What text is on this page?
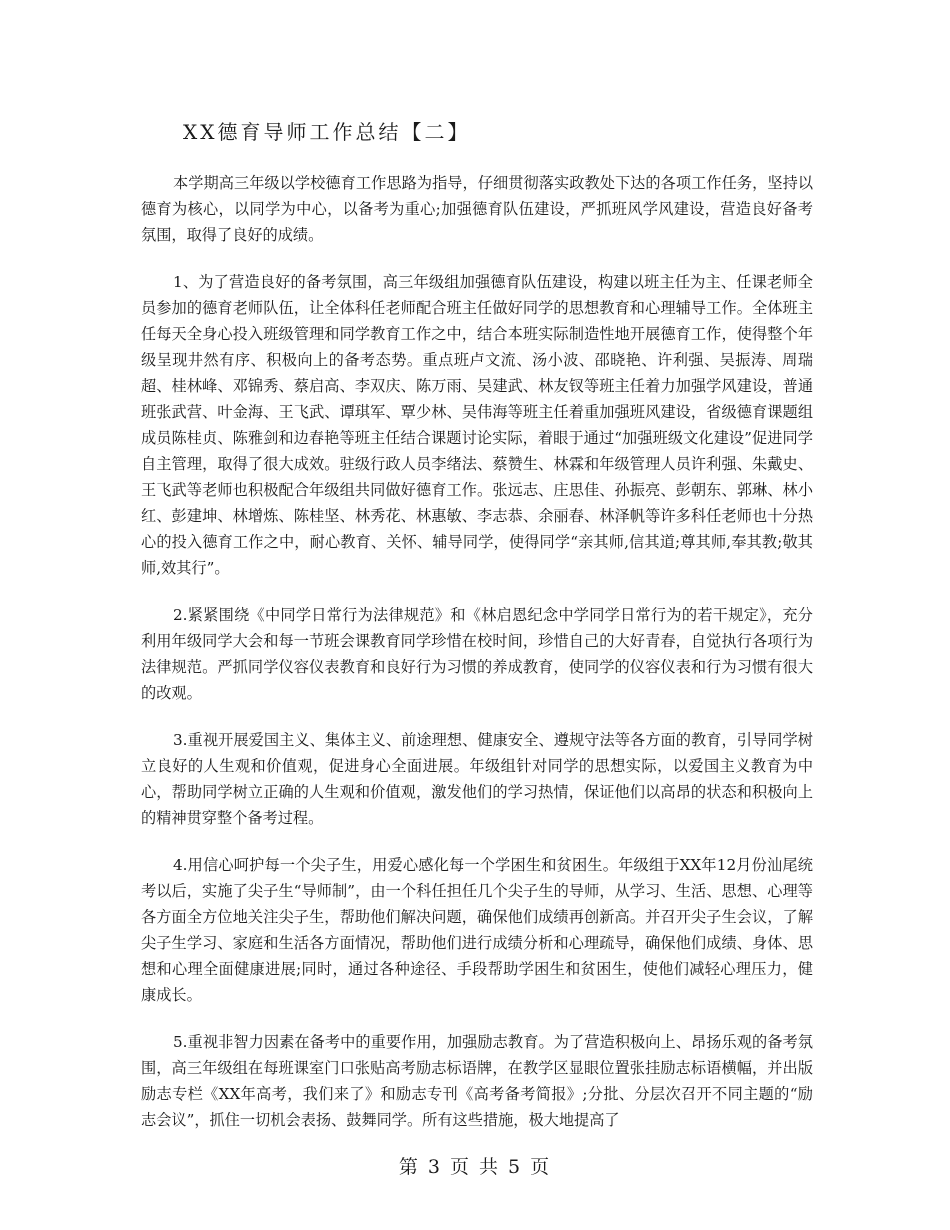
XX德育导师工作总结【二】

本学期高三年级以学校德育工作思路为指导，仔细贯彻落实政教处下达的各项工作任务，坚持以德育为核心，以同学为中心，以备考为重心;加强德育队伍建设，严抓班风学风建设，营造良好备考氛围，取得了良好的成绩。

1、为了营造良好的备考氛围，高三年级组加强德育队伍建设，构建以班主任为主、任课老师全员参加的德育老师队伍，让全体科任老师配合班主任做好同学的思想教育和心理辅导工作。全体班主任每天全身心投入班级管理和同学教育工作之中，结合本班实际制造性地开展德育工作，使得整个年级呈现井然有序、积极向上的备考态势。重点班卢文流、汤小波、邵晓艳、许利强、吴振涛、周瑞超、桂林峰、邓锦秀、蔡启高、李双庆、陈万雨、吴建武、林友钗等班主任着力加强学风建设，普通班张武营、叶金海、王飞武、谭琪军、覃少林、吴伟海等班主任着重加强班风建设，省级德育课题组成员陈桂贞、陈雅剑和边春艳等班主任结合课题讨论实际，着眼于通过“加强班级文化建设”促进同学自主管理，取得了很大成效。驻级行政人员李绪法、蔡赞生、林霖和年级管理人员许利强、朱戴史、王飞武等老师也积极配合年级组共同做好德育工作。张远志、庄思佳、孙振亮、彭朝东、郭琳、林小红、彭建坤、林增炼、陈桂坚、林秀花、林惠敏、李志恭、余丽春、林泽帆等许多科任老师也十分热心的投入德育工作之中，耐心教育、关怀、辅导同学，使得同学“亲其师,信其道;尊其师,奉其教;敬其师,效其行”。

2.紧紧围绕《中同学日常行为法律规范》和《林启恩纪念中学同学日常行为的若干规定》，充分利用年级同学大会和每一节班会课教育同学珍惜在校时间，珍惜自己的大好青春，自觉执行各项行为法律规范。严抓同学仪容仪表教育和良好行为习惯的养成教育，使同学的仪容仪表和行为习惯有很大的改观。

3.重视开展爱国主义、集体主义、前途理想、健康安全、遵规守法等各方面的教育，引导同学树立良好的人生观和价值观，促进身心全面进展。年级组针对同学的思想实际，以爱国主义教育为中心，帮助同学树立正确的人生观和价值观，激发他们的学习热情，保证他们以高昂的状态和积极向上的精神贯穿整个备考过程。

4.用信心呵护每一个尖子生，用爱心感化每一个学困生和贫困生。年级组于XX年12月份汕尾统考以后，实施了尖子生“导师制”，由一个科任担任几个尖子生的导师，从学习、生活、思想、心理等各方面全方位地关注尖子生，帮助他们解决问题，确保他们成绩再创新高。并召开尖子生会议，了解尖子生学习、家庭和生活各方面情况，帮助他们进行成绩分析和心理疏导，确保他们成绩、身体、思想和心理全面健康进展;同时，通过各种途径、手段帮助学困生和贫困生，使他们减轻心理压力，健康成长。

5.重视非智力因素在备考中的重要作用，加强励志教育。为了营造积极向上、昂扬乐观的备考氛围，高三年级组在每班课室门口张贴高考励志标语牌，在教学区显眼位置张挂励志标语横幅，并出版励志专栏《XX年高考，我们来了》和励志专刊《高考备考简报》;分批、分层次召开不同主题的“励志会议”，抓住一切机会表扬、鼓舞同学。所有这些措施，极大地提高了

第 3 页 共 5 页
